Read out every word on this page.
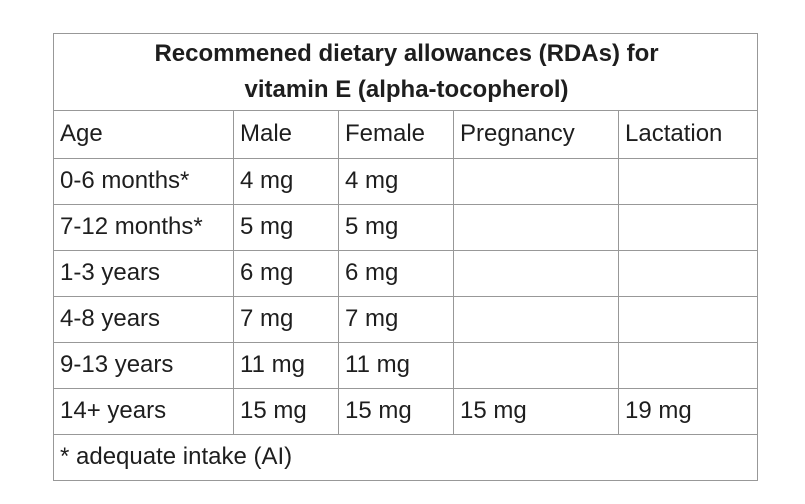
Recommened dietary allowances (RDAs) for
vitamin E (alpha-tocopherol)				

Age	Male	Female	Pregnancy	Lactation
0-6 months*	4 mg	4 mg		
7-12 months*	5 mg	5 mg		
1-3 years	6 mg	6 mg		
4-8 years	7 mg	7 mg		
9-13 years	11 mg	11 mg		
14+ years	15 mg	15 mg	15 mg	19 mg
* adequate intake (AI)				
